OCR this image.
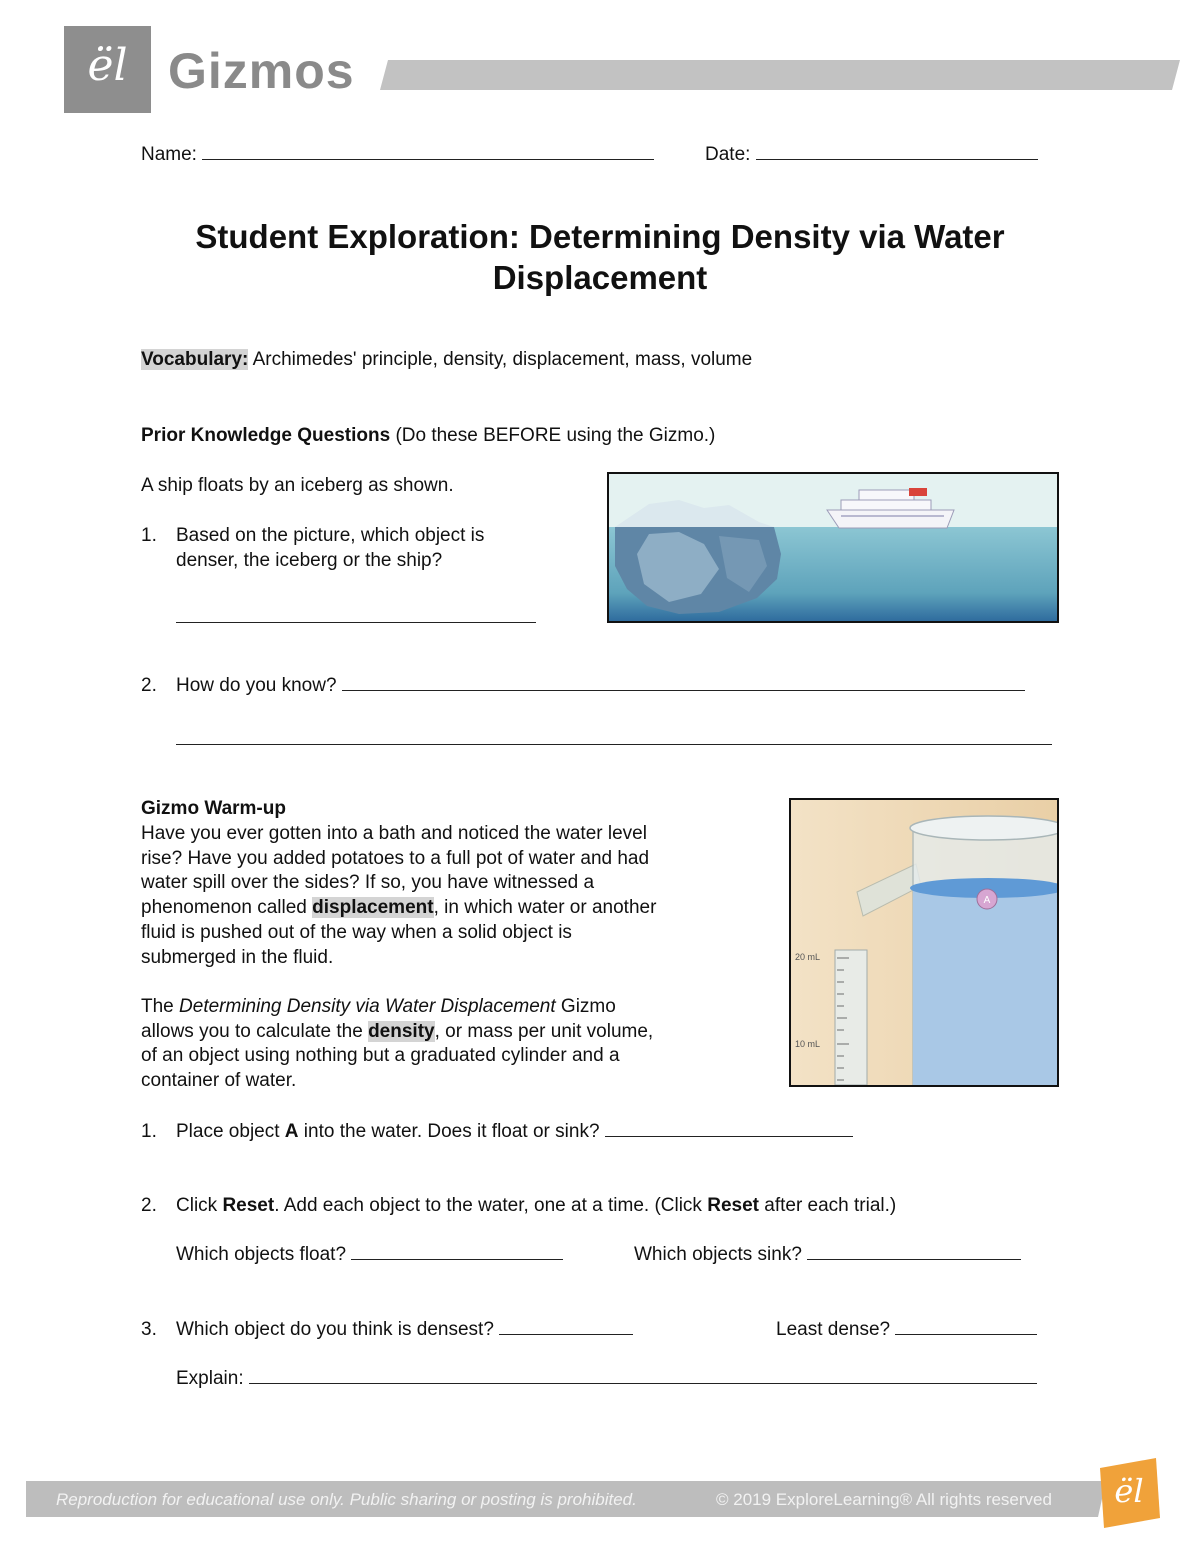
ël Gizmos
Name:	Date:
Student Exploration: Determining Density via Water Displacement
Vocabulary: Archimedes' principle, density, displacement, mass, volume
Prior Knowledge Questions (Do these BEFORE using the Gizmo.)
A ship floats by an iceberg as shown.
1. Based on the picture, which object is
denser, the iceberg or the ship?
2. How do you know?
Gizmo Warm-up
Have you ever gotten into a bath and noticed the water level
rise? Have you added potatoes to a full pot of water and had
water spill over the sides? If so, you have witnessed a
phenomenon called displacement, in which water or another
fluid is pushed out of the way when a solid object is
submerged in the fluid.
The Determining Density via Water Displacement Gizmo
allows you to calculate the density, or mass per unit volume,
of an object using nothing but a graduated cylinder and a
container of water.
A
20 mL
10 mL
1. Place object A into the water. Does it float or sink?
2. Click Reset. Add each object to the water, one at a time. (Click Reset after each trial.)
Which objects float?	Which objects sink?
3. Which object do you think is densest?	Least dense?
Explain:
Reproduction for educational use only. Public sharing or posting is prohibited.	© 2019 ExploreLearning® All rights reserved	ël
